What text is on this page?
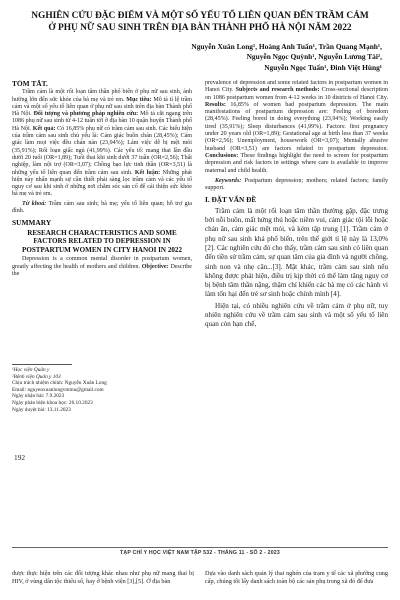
NGHIÊN CỨU ĐẶC ĐIỂM VÀ MỘT SỐ YẾU TỐ LIÊN QUAN ĐẾN TRẦM CẢM
Ở PHỤ NỮ SAU SINH TRÊN ĐỊA BÀN THÀNH PHỐ HÀ NỘI NĂM 2022
Nguyễn Xuân Long¹, Hoàng Anh Tuấn¹, Trần Quang Mạnh¹,
Nguyễn Ngọc Quỳnh¹, Nguyễn Lương Tài²,
Nguyễn Ngọc Tuấn¹, Đinh Việt Hùng¹
TÓM TẮT.

Trầm cảm là một rối loạn tâm thần phổ biến ở phụ nữ sau sinh, ảnh hưởng lớn đến sức khỏe của bà mẹ và trẻ em. Mục tiêu: Mô tả tỉ lệ trầm cảm và một số yếu tố liên quan ở phụ nữ sau sinh trên địa bàn Thành phố Hà Nội. Đối tượng và phương pháp nghiên cứu: Mô tả cắt ngang trên 1086 phụ nữ sau sinh từ 4-12 tuần tới ở địa bàn 10 quận huyện Thành phố Hà Nội. Kết quả: Có 16,85% phụ nữ có trầm cảm sau sinh. Các biểu hiện của trầm cảm sau sinh chủ yếu là: Cảm giác buồn chán (28,45%); Cảm giác làm mọi việc đều chán nản (23,94%); Làm việc dễ bị mệt mỏi (35,91%); Rối loạn giấc ngủ (41,99%). Các yếu tố: mang thai lần đầu dưới 20 tuổi (OR=1,89); Tuổi thai khi sinh dưới 37 tuần (OR=2,56); Thất nghiệp, làm nội trợ (OR=3,07); Chồng bạo lực tinh thần (OR=3,51) là những yếu tố liên quan đến trầm cảm sau sinh. Kết luận: Những phát hiện này nhấn mạnh sự cần thiết phải sàng lọc trầm cảm và các yếu tố nguy cơ sau khi sinh ở những nơi chăm sóc sản cổ để cải thiện sức khỏe bà mẹ và trẻ em.

Từ khoá: Trầm cảm sau sinh; bà mẹ; yếu tố liên quan; hỗ trợ gia đình.

SUMMARY
RESEARCH CHARACTERISTICS AND SOME
FACTORS RELATED TO DEPRESSION IN
POSTPARTUM WOMEN IN CITY HANOI IN 2022

Depression is a common mental disorder in postpartum women, greatly affecting the health of mothers and children. Objective: Describe the

¹Học viện Quân y
²Bệnh viện Quân y 103
Chịu trách nhiệm chính: Nguyễn Xuân Long
Email: nguyenxuanlongvmmu@gmail.com
Ngày nhận bài: 7.9.2023
Ngày phản biện khoa học: 26.10.2023
Ngày duyệt bài: 13.11.2023
192

prevalence of depression and some related factors in postpartum women in Hanoi City. Subjects and research methods: Cross-sectional description on 1086 postpartum women from 4-12 weeks in 10 districts of Hanoi City. Results: 16,85% of women had postpartum depression. The main manifestations of postpartum depression are: Feeling of boredom (28,45%). Feeling bored in doing everything (23,94%); Working easily tired (35,91%); Sleep disturbances (41,99%). Factors: first pregnancy under 20 years old (OR=1,89); Gestational age at birth less than 37 weeks (OR=2,56); Unemployment, housework (OR=3,07); Mentally abusive husband (OR=3,51) are factors related to postpartum depression. Conclusions: These findings highlight the need to screen for postpartum depression and risk factors in settings where care is available to improve maternal and child health.

Keywords: Postpartum depression; mothers; related factors; family support.

I. ĐẶT VẤN ĐỀ

Trầm cảm là một rối loạn tâm thần thường gặp, đặc trưng bởi nỗi buồn, mất hứng thú hoặc niềm vui, cảm giác tội lỗi hoặc chán ăn, cảm giác mệt mỏi, và kém tập trung [1]. Trầm cảm ở phụ nữ sau sinh khá phổ biến, trên thế giới tỉ lệ này là 13,0% [2]. Các nghiên cứu đó cho thấy, trầm cảm sau sinh có liên quan đến tiền sử trầm cảm, sự quan tâm của gia đình và người chồng, sinh non và nhẹ cân...[3]. Mặt khác, trầm cảm sau sinh nếu không được phát hiện, điều trị kịp thời có thể làm tăng nguy cơ bị bệnh tâm thần nặng, thậm chí khiến các bà mẹ có các hành vi làm tổn hại đến trẻ sơ sinh hoặc chính mình [4].

Hiện tại, có nhiều nghiên cứu về trầm cảm ở phụ nữ, tuy nhiên nghiên cứu về trầm cảm sau sinh và một số yếu tố liên quan còn hạn chế,

TẠP CHÍ Y HỌC VIỆT NAM TẬP 532 - THÁNG 11 - SỐ 2 - 2023
được thực hiện trên các đối tượng khác nhau như phụ nữ mang thai bị HIV, ở vùng dân tộc thiểu số, hay ở bệnh viện [3],[5]. Ở địa bàn
Dựa vào danh sách quản lý thai nghén của trạm y tế các xã phường cung cấp, chúng tôi lấy danh sách toàn bộ các sản phụ trong xã đó để đưa
